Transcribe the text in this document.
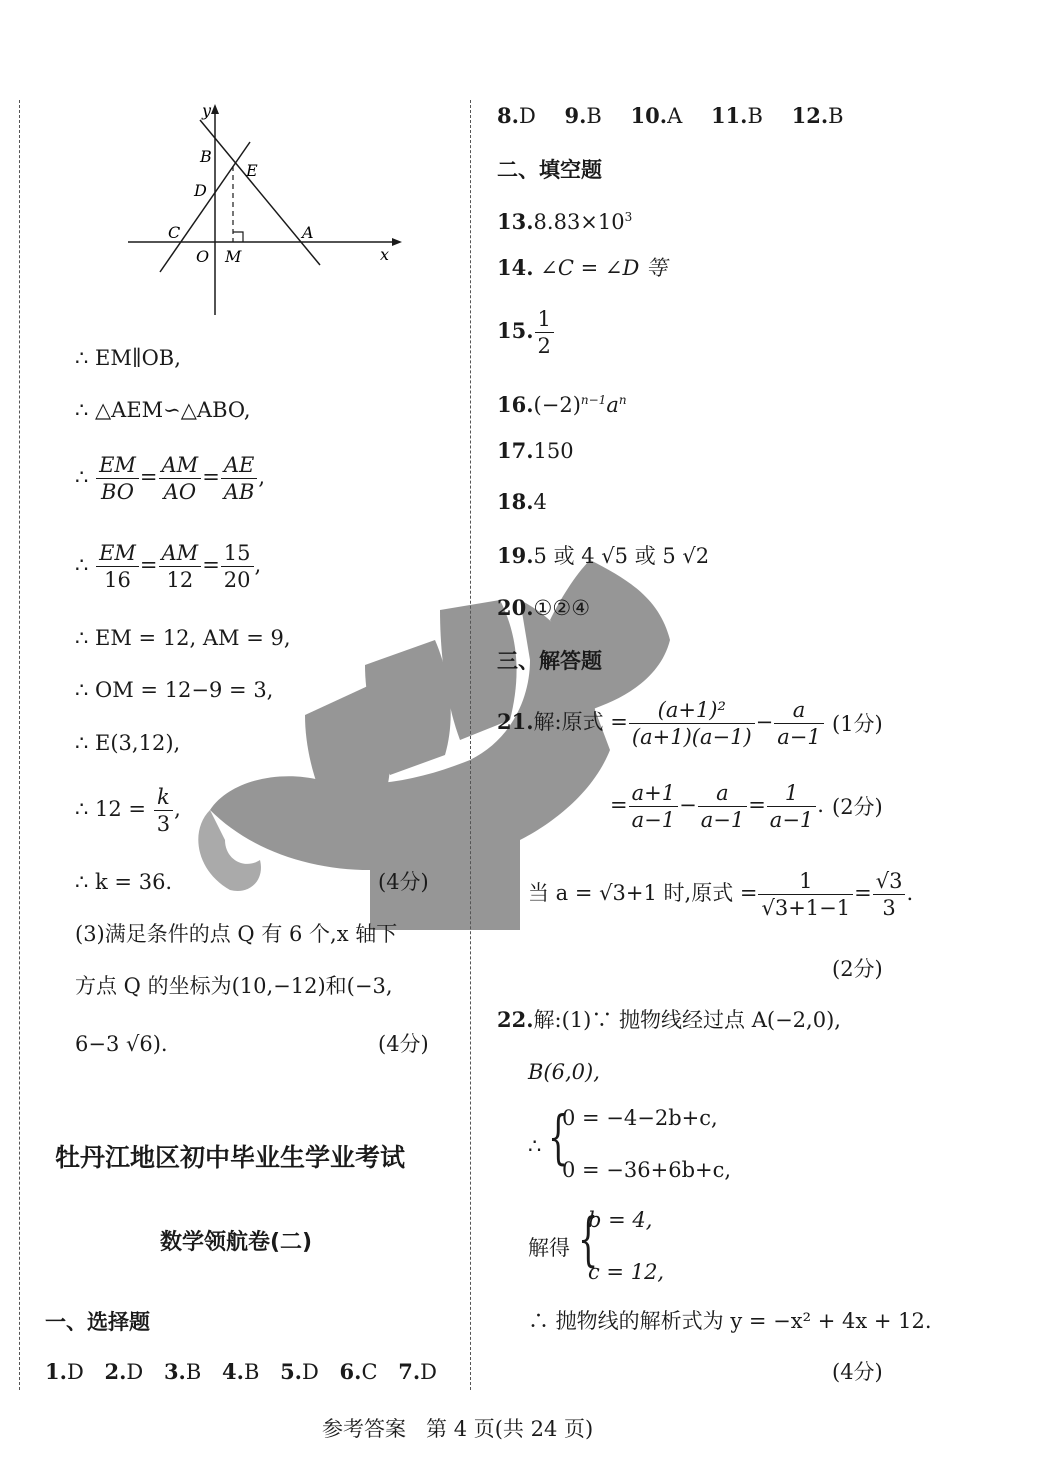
y
x
B
E
D
C	A
O M
∴ EM∥OB,
∴ △AEM∽△ABO,
∴ $\frac{EM}{BO} = \frac{AM}{AO} = \frac{AE}{AB}$ ,
∴ $\frac{EM}{16} = \frac{AM}{12} = \frac{15}{20}$ ,
∴ EM = 12, AM = 9,
∴ OM = 12−9 = 3,
∴ E(3,12),
∴ $12 = \frac{k}{3}$ ,
∴ k = 36.	(4分)
(3)满足条件的点 Q 有 6 个,x 轴下
方点 Q 的坐标为(10,−12)和(−3,
6−3 √6).	(4分)
牡丹江地区初中毕业生学业考试
数学领航卷(二)
一、选择题
1.D 2.D 3.B 4.B 5.D 6.C 7.D
8.D 9.B 10.A 11.B 12.B
二、填空题
$13.8.83\times 10^3$
14. ∠C = ∠D 等
15. $\frac{1}{2}$
$16.(-2)^{n-1}a^n$
17.150
18.4
19.5 或 4 √5 或 5 √2
20.①②④
三、解答题
21.解:原式 = $\frac{\text{(a+1)²}}{(a+1)(a-1)} - \frac{a}{a-1} (1$分)
= $\frac{a+1}{a-1} - \frac{a}{a-1} = \frac{1}{a-1}$ . (2分)
当 a = √3+1 时,原式 = $\frac{1}{√3+1-1} = \frac{√3}{3}$ .
(2分)
22.解:(1)∵ 抛物线经过点 A(−2,0),
B(6,0),
∴ {
0 = −4−2b+c,
0 = −36+6b+c,
解得 {
b = 4,
c = 12,
∴ 抛物线的解析式为 y = −x² + 4x + 12.
(4分)
参考答案   第 4 页(共 24 页)
